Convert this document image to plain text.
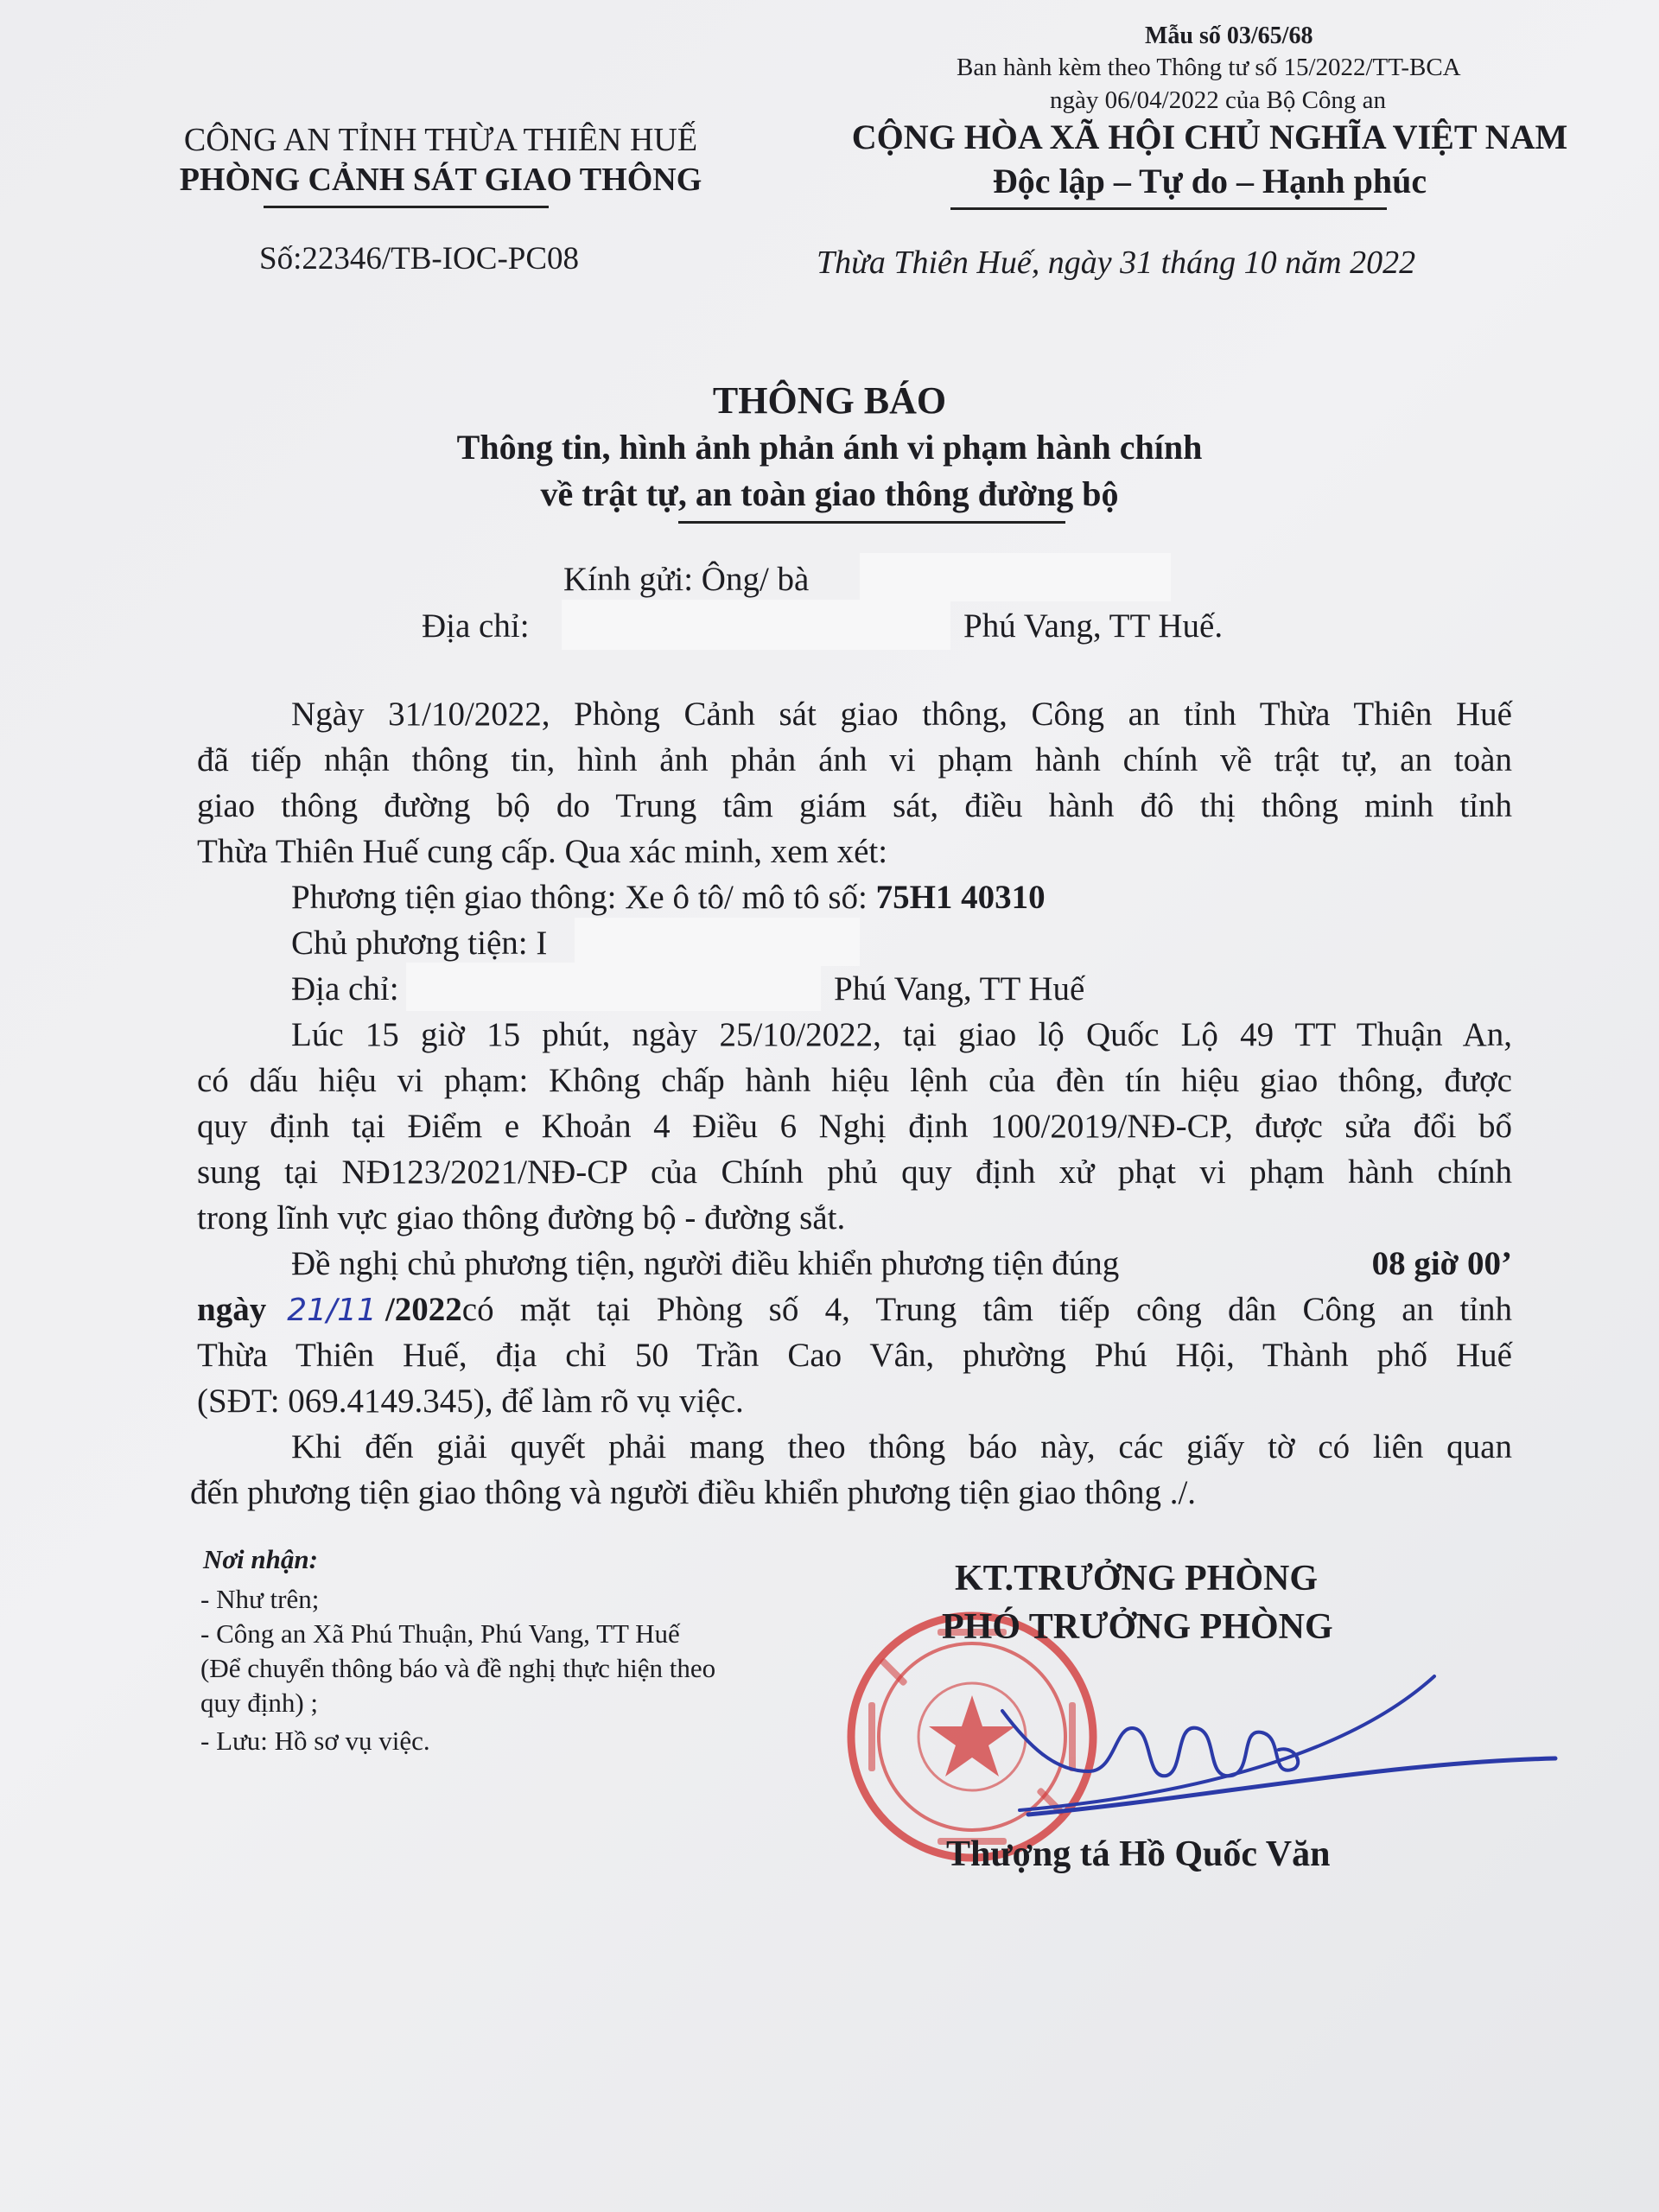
Mẫu số 03/65/68
Ban hành kèm theo Thông tư số 15/2022/TT-BCA
ngày 06/04/2022 của Bộ Công an
CÔNG AN TỈNH THỪA THIÊN HUẾ
PHÒNG CẢNH SÁT GIAO THÔNG
CỘNG HÒA XÃ HỘI CHỦ NGHĨA VIỆT NAM
Độc lập – Tự do – Hạnh phúc
Số:22346/TB-IOC-PC08	Thừa Thiên Huế, ngày 31 tháng 10 năm 2022
THÔNG BÁO
Thông tin, hình ảnh phản ánh vi phạm hành chính
về trật tự, an toàn giao thông đường bộ
Kính gửi: Ông/ bà
Địa chỉ:	Phú Vang, TT Huế.
Ngày 31/10/2022, Phòng Cảnh sát giao thông, Công an tỉnh Thừa Thiên Huế
đã tiếp nhận thông tin, hình ảnh phản ánh vi phạm hành chính về trật tự, an toàn
giao thông đường bộ do Trung tâm giám sát, điều hành đô thị thông minh tỉnh
Thừa Thiên Huế cung cấp. Qua xác minh, xem xét:
Phương tiện giao thông: Xe ô tô/ mô tô số: 75H1 40310
Chủ phương tiện: I
Địa chỉ:	Phú Vang, TT Huế
Lúc 15 giờ 15 phút, ngày 25/10/2022, tại giao lộ Quốc Lộ 49 TT Thuận An,
có dấu hiệu vi phạm: Không chấp hành hiệu lệnh của đèn tín hiệu giao thông, được
quy định tại Điểm e Khoản 4 Điều 6 Nghị định 100/2019/NĐ-CP, được sửa đổi bổ
sung tại NĐ123/2021/NĐ-CP của Chính phủ quy định xử phạt vi phạm hành chính
trong lĩnh vực giao thông đường bộ - đường sắt.
Đề nghị chủ phương tiện, người điều khiển phương tiện đúng	08 giờ 00’
ngày 21/11 /2022 có mặt tại Phòng số 4, Trung tâm tiếp công dân Công an tỉnh
Thừa Thiên Huế, địa chỉ 50 Trần Cao Vân, phường Phú Hội, Thành phố Huế
(SĐT: 069.4149.345), để làm rõ vụ việc.
Khi đến giải quyết phải mang theo thông báo này, các giấy tờ có liên quan
đến phương tiện giao thông và người điều khiển phương tiện giao thông ./.
Nơi nhận:
- Như trên;
- Công an Xã Phú Thuận, Phú Vang, TT Huế
(Để chuyển thông báo và đề nghị thực hiện theo
quy định) ;
- Lưu: Hồ sơ vụ việc.
KT.TRƯỞNG PHÒNG
PHÓ TRƯỞNG PHÒNG
Thượng tá Hồ Quốc Văn
